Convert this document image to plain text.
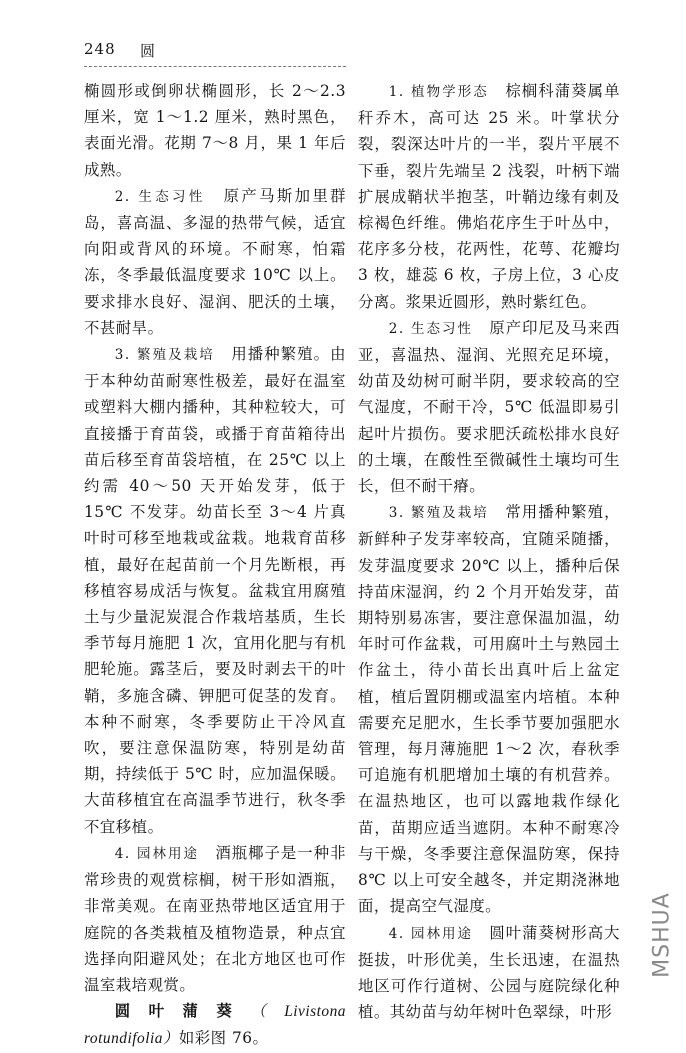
248 圆

椭圆形或倒卵状椭圆形，长 2～2.3 厘米，宽 1～1.2 厘米，熟时黑色，表面光滑。花期 7～8 月，果 1 年后成熟。

2. 生态习性　 原产马斯加里群岛，喜高温、多湿的热带气候，适宜向阳或背风的环境。不耐寒，怕霜冻，冬季最低温度要求 10℃ 以上。要求排水良好、湿润、肥沃的土壤，不甚耐旱。

3. 繁殖及栽培　 用播种繁殖。由于本种幼苗耐寒性极差，最好在温室或塑料大棚内播种，其种粒较大，可直接播于育苗袋，或播于育苗箱待出苗后移至育苗袋培植，在 25℃ 以上约需 40～50 天开始发芽，低于 15℃ 不发芽。幼苗长至 3～4 片真叶时可移至地栽或盆栽。地栽育苗移植，最好在起苗前一个月先断根，再移植容易成活与恢复。盆栽宜用腐殖土与少量泥炭混合作栽培基质，生长季节每月施肥 1 次，宜用化肥与有机肥轮施。露茎后，要及时剥去干的叶鞘，多施含磷、钾肥可促茎的发育。本种不耐寒，冬季要防止干冷风直吹，要注意保温防寒，特别是幼苗期，持续低于 5℃ 时，应加温保暖。大苗移植宜在高温季节进行，秋冬季不宜移植。

4. 园林用途　 酒瓶椰子是一种非常珍贵的观赏棕榈，树干形如酒瓶，非常美观。在南亚热带地区适宜用于庭院的各类栽植及植物造景，种点宜选择向阳避风处；在北方地区也可作温室栽培观赏。

圆叶蒲葵（Livistona rotundifolia）如彩图 76。

1. 植物学形态　 棕榈科蒲葵属单秆乔木，高可达 25 米。叶掌状分裂，裂深达叶片的一半，裂片平展不下垂，裂片先端呈 2 浅裂，叶柄下端扩展成鞘状半抱茎，叶鞘边缘有刺及棕褐色纤维。佛焰花序生于叶丛中，花序多分枝，花两性，花萼、花瓣均 3 枚，雄蕊 6 枚，子房上位，3 心皮分离。浆果近圆形，熟时紫红色。

2. 生态习性　 原产印尼及马来西亚，喜温热、湿润、光照充足环境，幼苗及幼树可耐半阴，要求较高的空气湿度，不耐干冷，5℃ 低温即易引起叶片损伤。要求肥沃疏松排水良好的土壤，在酸性至微碱性土壤均可生长，但不耐干瘠。

3. 繁殖及栽培　 常用播种繁殖，新鲜种子发芽率较高，宜随采随播，发芽温度要求 20℃ 以上，播种后保持苗床湿润，约 2 个月开始发芽，苗期特别易冻害，要注意保温加温，幼年时可作盆栽，可用腐叶土与熟园土作盆土，待小苗长出真叶后上盆定植，植后置阴棚或温室内培植。本种需要充足肥水，生长季节要加强肥水管理，每月薄施肥 1～2 次，春秋季可追施有机肥增加土壤的有机营养。在温热地区，也可以露地栽作绿化苗，苗期应适当遮阴。本种不耐寒冷与干燥，冬季要注意保温防寒，保持 8℃ 以上可安全越冬，并定期浇淋地面，提高空气湿度。

4. 园林用途　 圆叶蒲葵树形高大挺拔，叶形优美，生长迅速，在温热地区可作行道树、公园与庭院绿化种植。其幼苗与幼年树叶色翠绿，叶形

MSHUA
